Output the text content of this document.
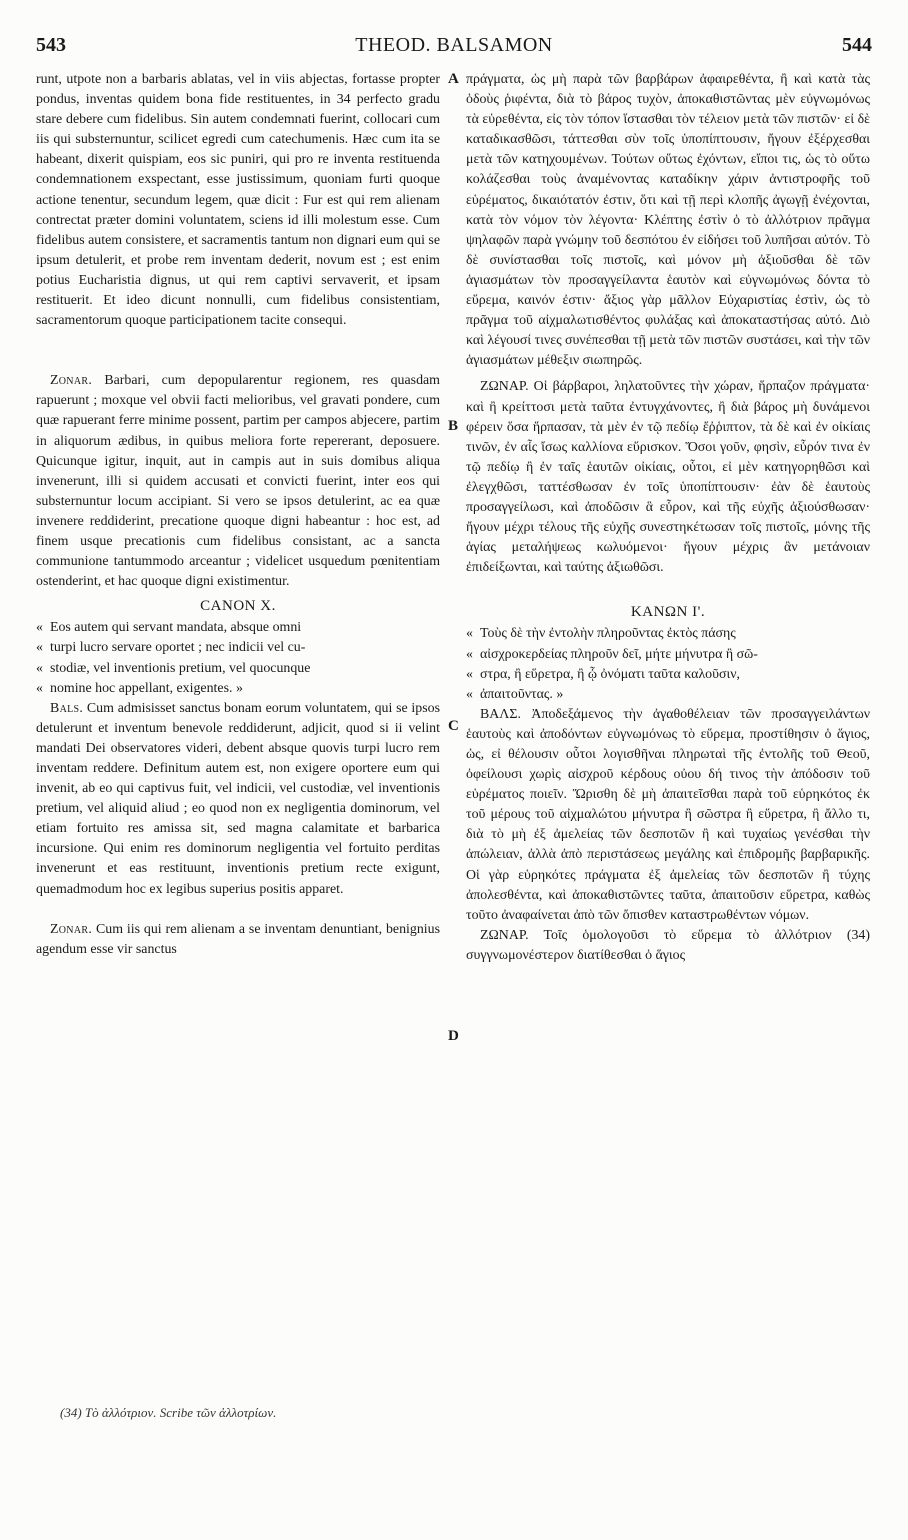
543	THEOD. BALSAMON	544
A
B
C
D

runt, utpote non a barbaris ablatas, vel in viis abjectas, fortasse propter pondus, inventas quidem bona fide restituentes, in 34 perfecto gradu stare debere cum fidelibus. Sin autem condemnati fuerint, collocari cum iis qui substernuntur, scilicet egredi cum catechumenis. Hæc cum ita se habeant, dixerit quispiam, eos sic puniri, qui pro re inventa restituenda condemnationem exspectant, esse justissimum, quoniam furti quoque actione tenentur, secundum legem, quæ dicit : Fur est qui rem alienam contrectat præter domini voluntatem, sciens id illi molestum esse. Cum fidelibus autem consistere, et sacramentis tantum non dignari eum qui se ipsum detulerit, et probe rem inventam dederit, novum est ; est enim potius Eucharistia dignus, ut qui rem captivi servaverit, et ipsam restituerit. Et ideo dicunt nonnulli, cum fidelibus consistentiam, sacramentorum quoque participationem tacite consequi.

Zonar. Barbari, cum depopularentur regionem, res quasdam rapuerunt ; moxque vel obvii facti melioribus, vel gravati pondere, cum quæ rapuerant ferre minime possent, partim per campos abjecere, partim in aliquorum ædibus, in quibus meliora forte repererant, deposuere. Quicunque igitur, inquit, aut in campis aut in suis domibus aliqua invenerunt, illi si quidem accusati et convicti fuerint, inter eos qui substernuntur locum accipiant. Si vero se ipsos detulerint, ac ea quæ invenere reddiderint, precatione quoque digni habeantur : hoc est, ad finem usque precationis cum fidelibus consistant, ac a sancta communione tantummodo arceantur ; videlicet usquedum pœnitentiam ostenderint, et hac quoque digni existimentur.

CANON X.

« Eos autem qui servant mandata, absque omni

« turpi lucro servare oportet ; nec indicii vel cu-

« stodiæ, vel inventionis pretium, vel quocunque

« nomine hoc appellant, exigentes. »

Bals. Cum admisisset sanctus bonam eorum voluntatem, qui se ipsos detulerunt et inventum benevole reddiderunt, adjicit, quod si ii velint mandati Dei observatores videri, debent absque quovis turpi lucro rem inventam reddere. Definitum autem est, non exigere oportere eum qui invenit, ab eo qui captivus fuit, vel indicii, vel custodiæ, vel inventionis pretium, vel aliquid aliud ; eo quod non ex negligentia dominorum, vel etiam fortuito res amissa sit, sed magna calamitate et barbarica incursione. Qui enim res dominorum negligentia vel fortuito perditas invenerunt et eas restituunt, inventionis pretium recte exigunt, quemadmodum hoc ex legibus superius positis apparet.

Zonar. Cum iis qui rem alienam a se inventam denuntiant, benignius agendum esse vir sanctus

πράγματα, ὡς μὴ παρὰ τῶν βαρβάρων ἀφαιρεθέντα, ἢ καὶ κατὰ τὰς ὁδοὺς ῥιφέντα, διὰ τὸ βάρος τυχὸν, ἀποκαθιστῶντας μὲν εὐγνωμόνως τὰ εὑρεθέντα, εἰς τὸν τόπον ἵστασθαι τὸν τέλειον μετὰ τῶν πιστῶν· εἰ δὲ καταδικασθῶσι, τάττεσθαι σὺν τοῖς ὑποπίπτουσιν, ἤγουν ἐξέρχεσθαι μετὰ τῶν κατηχουμένων. Τούτων οὕτως ἐχόντων, εἴποι τις, ὡς τὸ οὕτω κολάζεσθαι τοὺς ἀναμένοντας καταδίκην χάριν ἀντιστροφῆς τοῦ εὑρέματος, δικαιότατόν ἐστιν, ὅτι καὶ τῇ περὶ κλοπῆς ἀγωγῇ ἐνέχονται, κατὰ τὸν νόμον τὸν λέγοντα· Κλέπτης ἐστὶν ὁ τὸ ἀλλότριον πρᾶγμα ψηλαφῶν παρὰ γνώμην τοῦ δεσπότου ἐν εἰδήσει τοῦ λυπῆσαι αὐτόν. Τὸ δὲ συνίστασθαι τοῖς πιστοῖς, καὶ μόνον μὴ ἀξιοῦσθαι δὲ τῶν ἁγιασμάτων τὸν προσαγγείλαντα ἑαυτὸν καὶ εὐγνωμόνως δόντα τὸ εὕρεμα, καινόν ἐστιν· ἄξιος γὰρ μᾶλλον Εὐχαριστίας ἐστὶν, ὡς τὸ πρᾶγμα τοῦ αἰχμαλωτισθέντος φυλάξας καὶ ἀποκαταστήσας αὐτό. Διὸ καὶ λέγουσί τινες συνέπεσθαι τῇ μετὰ τῶν πιστῶν συστάσει, καὶ τὴν τῶν ἁγιασμάτων μέθεξιν σιωπηρῶς.

ΖΩΝΑΡ. Οἱ βάρβαροι, ληλατοῦντες τὴν χώραν, ἥρπαζον πράγματα· καὶ ἢ κρείττοσι μετὰ ταῦτα ἐντυγχάνοντες, ἢ διὰ βάρος μὴ δυνάμενοι φέρειν ὅσα ἥρπασαν, τὰ μὲν ἐν τῷ πεδίῳ ἔῤῥιπτον, τὰ δὲ καὶ ἐν οἰκίαις τινῶν, ἐν αἷς ἴσως καλλίονα εὕρισκον. Ὅσοι γοῦν, φησὶν, εὗρόν τινα ἐν τῷ πεδίῳ ἢ ἐν ταῖς ἑαυτῶν οἰκίαις, οὗτοι, εἰ μὲν κατηγορηθῶσι καὶ ἐλεγχθῶσι, ταττέσθωσαν ἐν τοῖς ὑποπίπτουσιν· ἐὰν δὲ ἑαυτοὺς προσαγγείλωσι, καὶ ἀποδῶσιν ἃ εὗρον, καὶ τῆς εὐχῆς ἀξιούσθωσαν· ἤγουν μέχρι τέλους τῆς εὐχῆς συνεστηκέτωσαν τοῖς πιστοῖς, μόνης τῆς ἁγίας μεταλήψεως κωλυόμενοι· ἤγουν μέχρις ἂν μετάνοιαν ἐπιδείξωνται, καὶ ταύτης ἀξιωθῶσι.

ΚΑΝΩΝ Ι'.

« Τοὺς δὲ τὴν ἐντολὴν πληροῦντας ἐκτὸς πάσης

« αἰσχροκερδείας πληροῦν δεῖ, μήτε μήνυτρα ἢ σῶ-

« στρα, ἢ εὕρετρα, ἢ ᾧ ὀνόματι ταῦτα καλοῦσιν,

« ἀπαιτοῦντας. »

ΒΑΛΣ. Ἀποδεξάμενος τὴν ἀγαθοθέλειαν τῶν προσαγγειλάντων ἑαυτοὺς καὶ ἀποδόντων εὐγνωμόνως τὸ εὕρεμα, προστίθησιν ὁ ἅγιος, ὡς, εἰ θέλουσιν οὗτοι λογισθῆναι πληρωταὶ τῆς ἐντολῆς τοῦ Θεοῦ, ὀφείλουσι χωρὶς αἰσχροῦ κέρδους οὐου δή τινος τὴν ἀπόδοσιν τοῦ εὑρέματος ποιεῖν. Ὥρισθη δὲ μὴ ἀπαιτεῖσθαι παρὰ τοῦ εὑρηκότος ἐκ τοῦ μέρους τοῦ αἰχμαλώτου μήνυτρα ἢ σῶστρα ἢ εὕρετρα, ἢ ἄλλο τι, διὰ τὸ μὴ ἐξ ἀμελείας τῶν δεσποτῶν ἢ καὶ τυχαίως γενέσθαι τὴν ἀπώλειαν, ἀλλὰ ἀπὸ περιστάσεως μεγάλης καὶ ἐπιδρομῆς βαρβαρικῆς. Οἱ γὰρ εὑρηκότες πράγματα ἐξ ἀμελείας τῶν δεσποτῶν ἢ τύχης ἀπολεσθέντα, καὶ ἀποκαθιστῶντες ταῦτα, ἀπαιτοῦσιν εὕρετρα, καθὼς τοῦτο ἀναφαίνεται ἀπὸ τῶν ὄπισθεν καταστρωθέντων νόμων.

ΖΩΝΑΡ. Τοῖς ὁμολογοῦσι τὸ εὕρεμα τὸ ἀλλότριον (34) συγγνωμονέστερον διατίθεσθαι ὁ ἅγιος

(34) Τὸ ἀλλότριον. Scribe τῶν ἀλλοτρίων.
